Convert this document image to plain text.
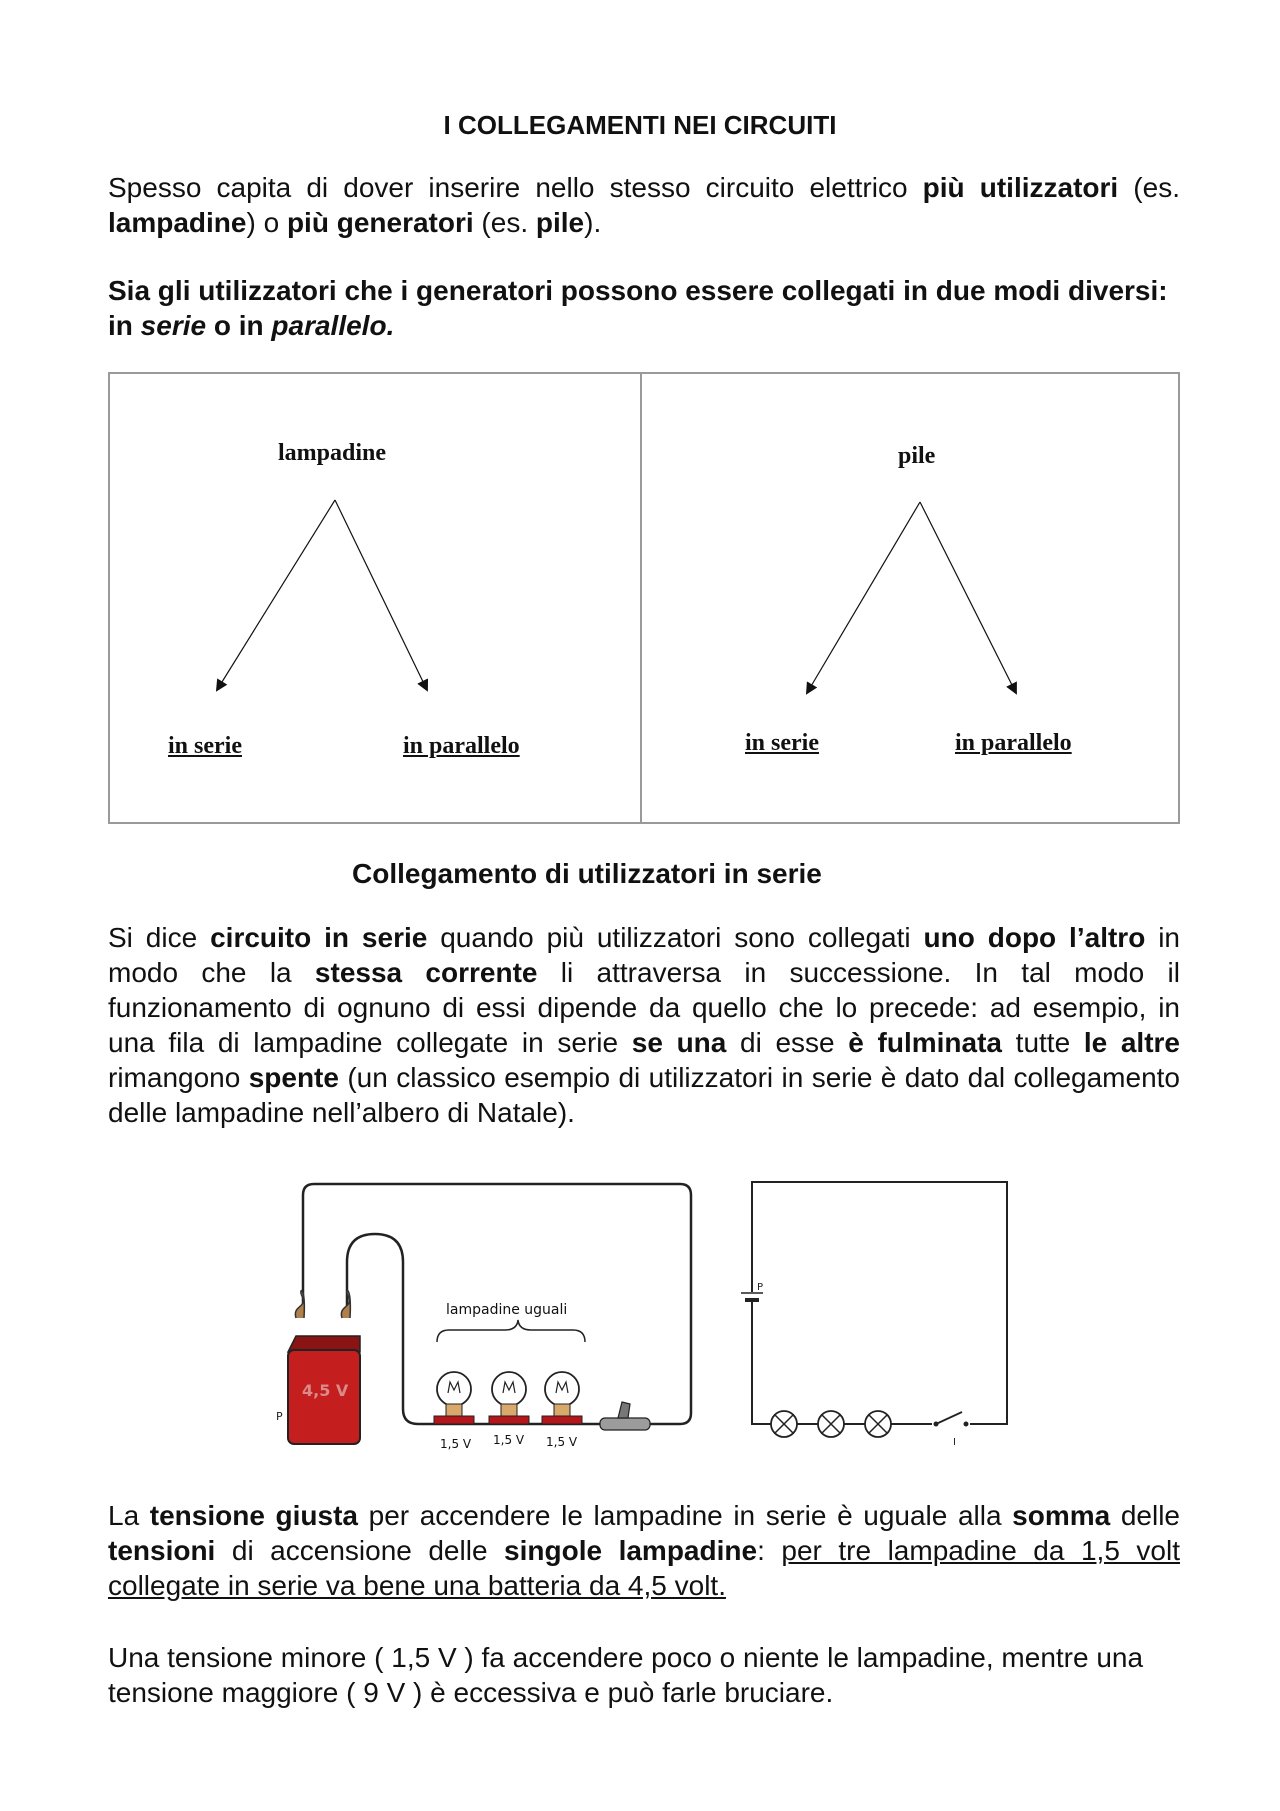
I COLLEGAMENTI NEI CIRCUITI

Spesso capita di dover inserire nello stesso circuito elettrico più utilizzatori (es. lampadine) o più generatori (es. pile).

Sia gli utilizzatori che i generatori possono essere collegati in due modi diversi: in serie o in parallelo.

lampadine
in serie	in parallelo
pile
in serie	in parallelo
Collegamento di utilizzatori in serie

Si dice circuito in serie quando più utilizzatori sono collegati uno dopo l’altro in modo che la stessa corrente li attraversa in successione. In tal modo il funzionamento di ognuno di essi dipende da quello che lo precede: ad esempio, in una fila di lampadine collegate in serie se una di esse è fulminata tutte le altre rimangono spente (un classico esempio di utilizzatori in serie è dato dal collegamento delle lampadine nell’albero di Natale).

4,5 V
P
lampadine uguali
1,5 V 1,5 V 1,5 V
P
I

La tensione giusta per accendere le lampadine in serie è uguale alla somma delle tensioni di accensione delle singole lampadine: per tre lampadine da 1,5 volt collegate in serie va bene una batteria da 4,5 volt.

Una tensione minore ( 1,5 V ) fa accendere poco o niente le lampadine, mentre una tensione maggiore ( 9 V ) è eccessiva e può farle bruciare.
